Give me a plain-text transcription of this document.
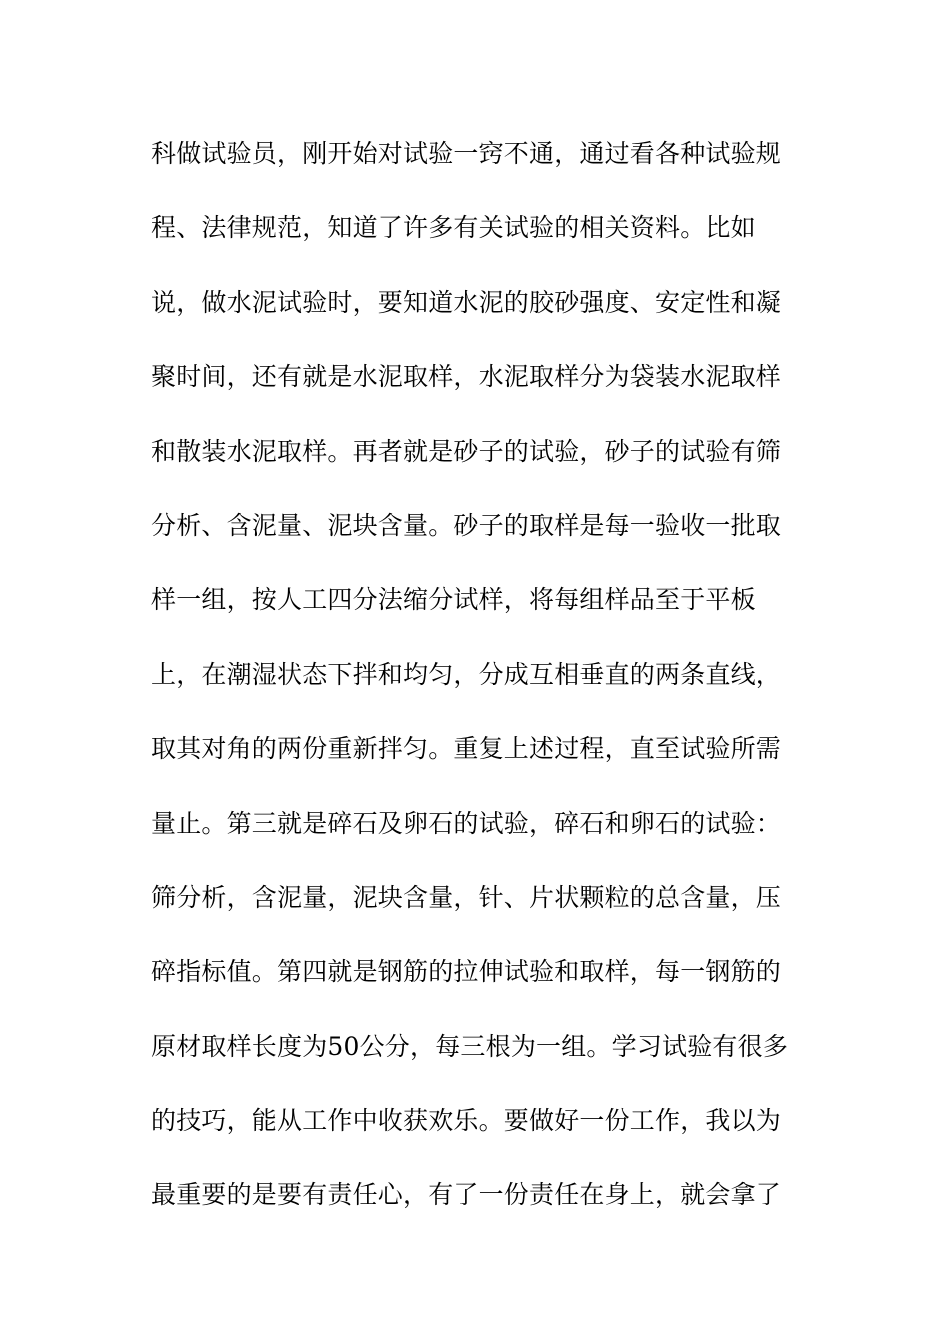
科做试验员，刚开始对试验一窍不通，通过看各种试验规
程、法律规范，知道了许多有关试验的相关资料。比如
说，做水泥试验时，要知道水泥的胶砂强度、安定性和凝
聚时间，还有就是水泥取样，水泥取样分为袋装水泥取样
和散装水泥取样。再者就是砂子的试验，砂子的试验有筛
分析、含泥量、泥块含量。砂子的取样是每一验收一批取
样一组，按人工四分法缩分试样，将每组样品至于平板
上，在潮湿状态下拌和均匀，分成互相垂直的两条直线，
取其对角的两份重新拌匀。重复上述过程，直至试验所需
量止。第三就是碎石及卵石的试验，碎石和卵石的试验：
筛分析，含泥量，泥块含量，针、片状颗粒的总含量，压
碎指标值。第四就是钢筋的拉伸试验和取样，每一钢筋的
原材取样长度为50公分，每三根为一组。学习试验有很多
的技巧，能从工作中收获欢乐。要做好一份工作，我以为
最重要的是要有责任心，有了一份责任在身上，就会拿了
